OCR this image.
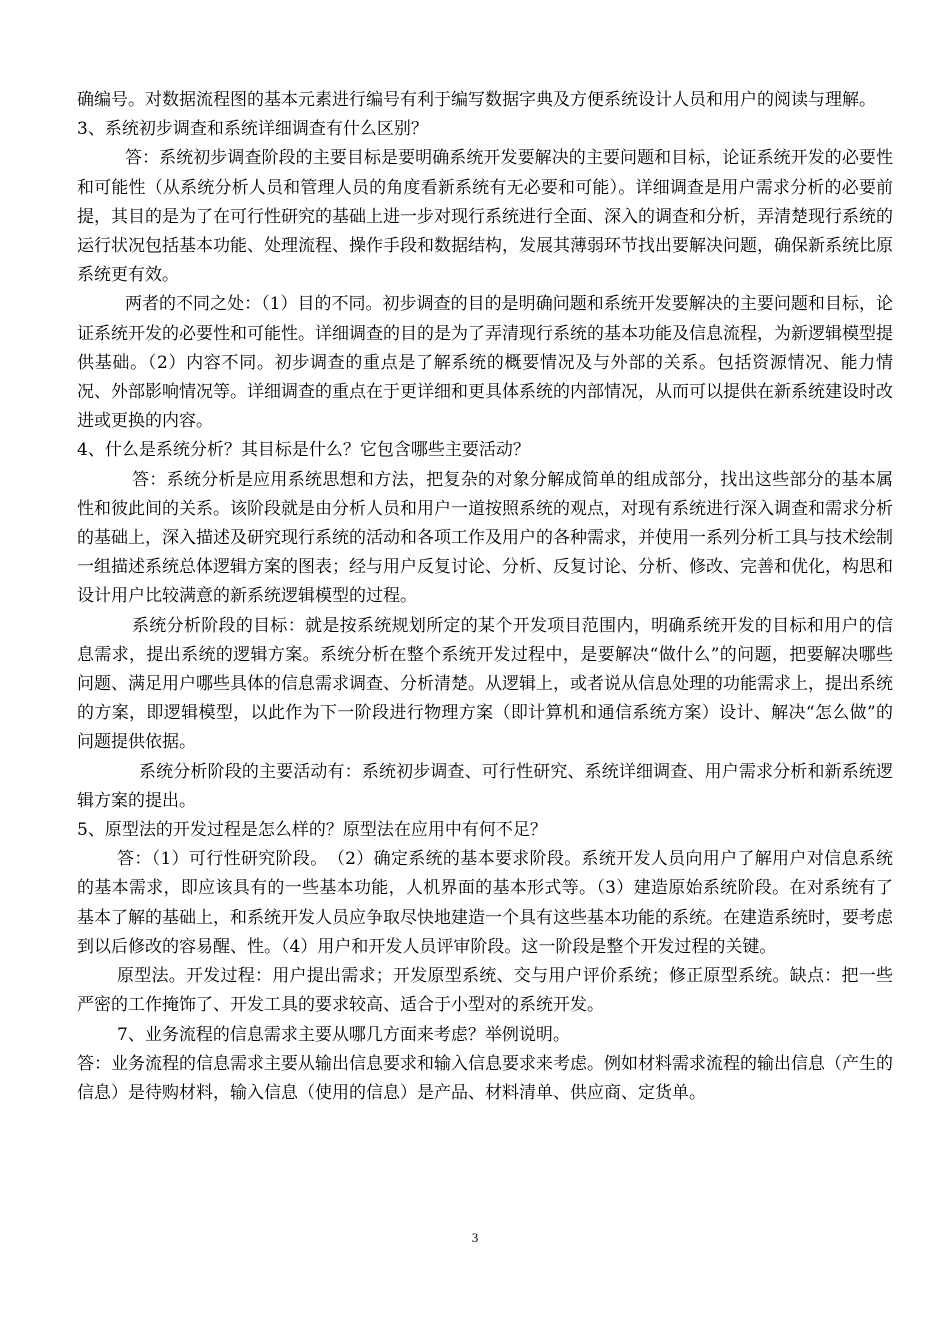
确编号。对数据流程图的基本元素进行编号有利于编写数据字典及方便系统设计人员和用户的阅读与理解。

3、系统初步调查和系统详细调查有什么区别？

答：系统初步调查阶段的主要目标是要明确系统开发要解决的主要问题和目标，论证系统开发的必要性和可能性（从系统分析人员和管理人员的角度看新系统有无必要和可能）。详细调查是用户需求分析的必要前提，其目的是为了在可行性研究的基础上进一步对现行系统进行全面、深入的调查和分析，弄清楚现行系统的运行状况包括基本功能、处理流程、操作手段和数据结构，发展其薄弱环节找出要解决问题，确保新系统比原系统更有效。

两者的不同之处：（1）目的不同。初步调查的目的是明确问题和系统开发要解决的主要问题和目标，论证系统开发的必要性和可能性。详细调查的目的是为了弄清现行系统的基本功能及信息流程，为新逻辑模型提供基础。（2）内容不同。初步调查的重点是了解系统的概要情况及与外部的关系。包括资源情况、能力情况、外部影响情况等。详细调查的重点在于更详细和更具体系统的内部情况，从而可以提供在新系统建设时改进或更换的内容。

4、什么是系统分析？其目标是什么？它包含哪些主要活动？

答：系统分析是应用系统思想和方法，把复杂的对象分解成简单的组成部分，找出这些部分的基本属性和彼此间的关系。该阶段就是由分析人员和用户一道按照系统的观点，对现有系统进行深入调查和需求分析的基础上，深入描述及研究现行系统的活动和各项工作及用户的各种需求，并使用一系列分析工具与技术绘制一组描述系统总体逻辑方案的图表；经与用户反复讨论、分析、反复讨论、分析、修改、完善和优化，构思和设计用户比较满意的新系统逻辑模型的过程。

系统分析阶段的目标：就是按系统规划所定的某个开发项目范围内，明确系统开发的目标和用户的信息需求，提出系统的逻辑方案。系统分析在整个系统开发过程中，是要解决“做什么”的问题，把要解决哪些问题、满足用户哪些具体的信息需求调查、分析清楚。从逻辑上，或者说从信息处理的功能需求上，提出系统的方案，即逻辑模型，以此作为下一阶段进行物理方案（即计算机和通信系统方案）设计、解决“怎么做”的问题提供依据。

系统分析阶段的主要活动有：系统初步调查、可行性研究、系统详细调查、用户需求分析和新系统逻辑方案的提出。

5、原型法的开发过程是怎么样的？原型法在应用中有何不足？

答：（1）可行性研究阶段。　（2）确定系统的基本要求阶段。系统开发人员向用户了解用户对信息系统的基本需求，即应该具有的一些基本功能，人机界面的基本形式等。（3）建造原始系统阶段。在对系统有了基本了解的基础上，和系统开发人员应争取尽快地建造一个具有这些基本功能的系统。在建造系统时，要考虑到以后修改的容易醒、性。（4）用户和开发人员评审阶段。这一阶段是整个开发过程的关键。

原型法。开发过程：用户提出需求；开发原型系统、交与用户评价系统；修正原型系统。缺点：把一些严密的工作掩饰了、开发工具的要求较高、适合于小型对的系统开发。

7、业务流程的信息需求主要从哪几方面来考虑？举例说明。

答：业务流程的信息需求主要从输出信息要求和输入信息要求来考虑。例如材料需求流程的输出信息（产生的信息）是待购材料，输入信息（使用的信息）是产品、材料清单、供应商、定货单。

3
